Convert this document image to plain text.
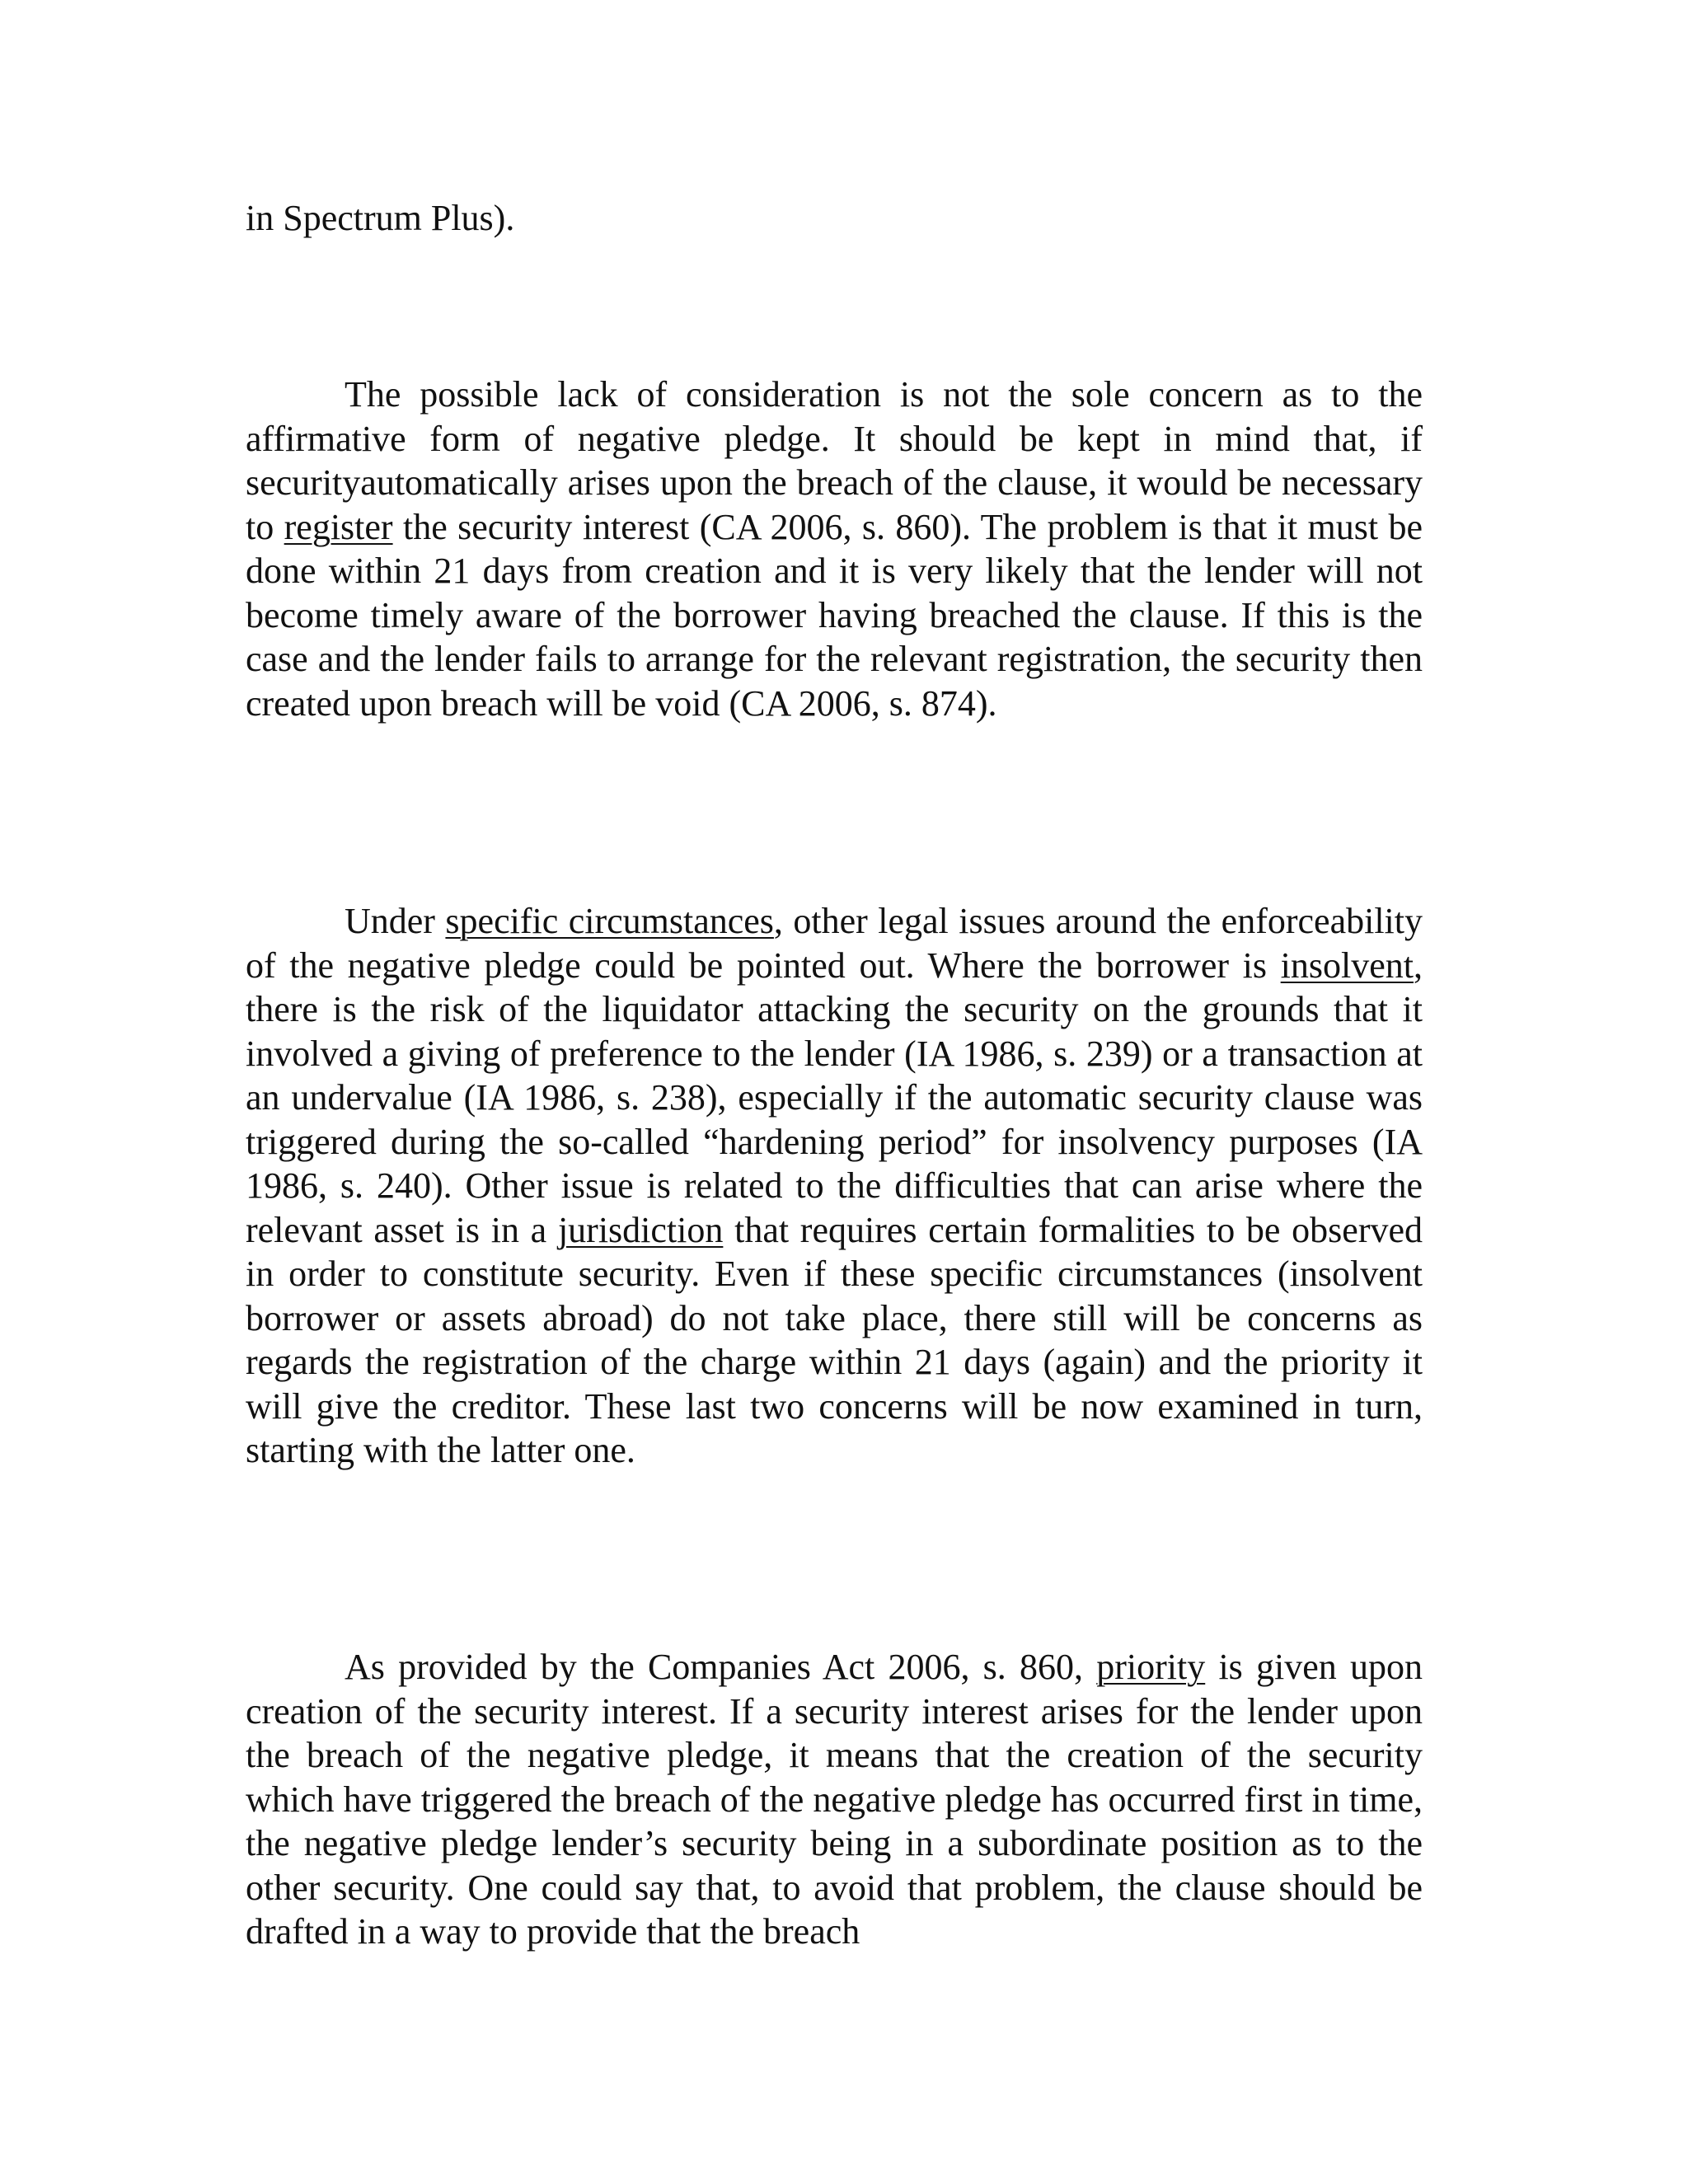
in Spectrum Plus).

The possible lack of consideration is not the sole concern as to the affirmative form of negative pledge. It should be kept in mind that, if securityautomatically arises upon the breach of the clause, it would be necessary to register the security interest (CA 2006, s. 860). The problem is that it must be done within 21 days from creation and it is very likely that the lender will not become timely aware of the borrower having breached the clause. If this is the case and the lender fails to arrange for the relevant registration, the security then created upon breach will be void (CA 2006, s. 874).

Under specific circumstances, other legal issues around the enforceability of the negative pledge could be pointed out. Where the borrower is insolvent, there is the risk of the liquidator attacking the security on the grounds that it involved a giving of preference to the lender (IA 1986, s. 239) or a transaction at an undervalue (IA 1986, s. 238), especially if the automatic security clause was triggered during the so-called “hardening period” for insolvency purposes (IA 1986, s. 240). Other issue is related to the difficulties that can arise where the relevant asset is in a jurisdiction that requires certain formalities to be observed in order to constitute security. Even if these specific circumstances (insolvent borrower or assets abroad) do not take place, there still will be concerns as regards the registration of the charge within 21 days (again) and the priority it will give the creditor. These last two concerns will be now examined in turn, starting with the latter one.

As provided by the Companies Act 2006, s. 860, priority is given upon creation of the security interest. If a security interest arises for the lender upon the breach of the negative pledge, it means that the creation of the security which have triggered the breach of the negative pledge has occurred first in time, the negative pledge lender’s security being in a subordinate position as to the other security. One could say that, to avoid that problem, the clause should be drafted in a way to provide that the breach
